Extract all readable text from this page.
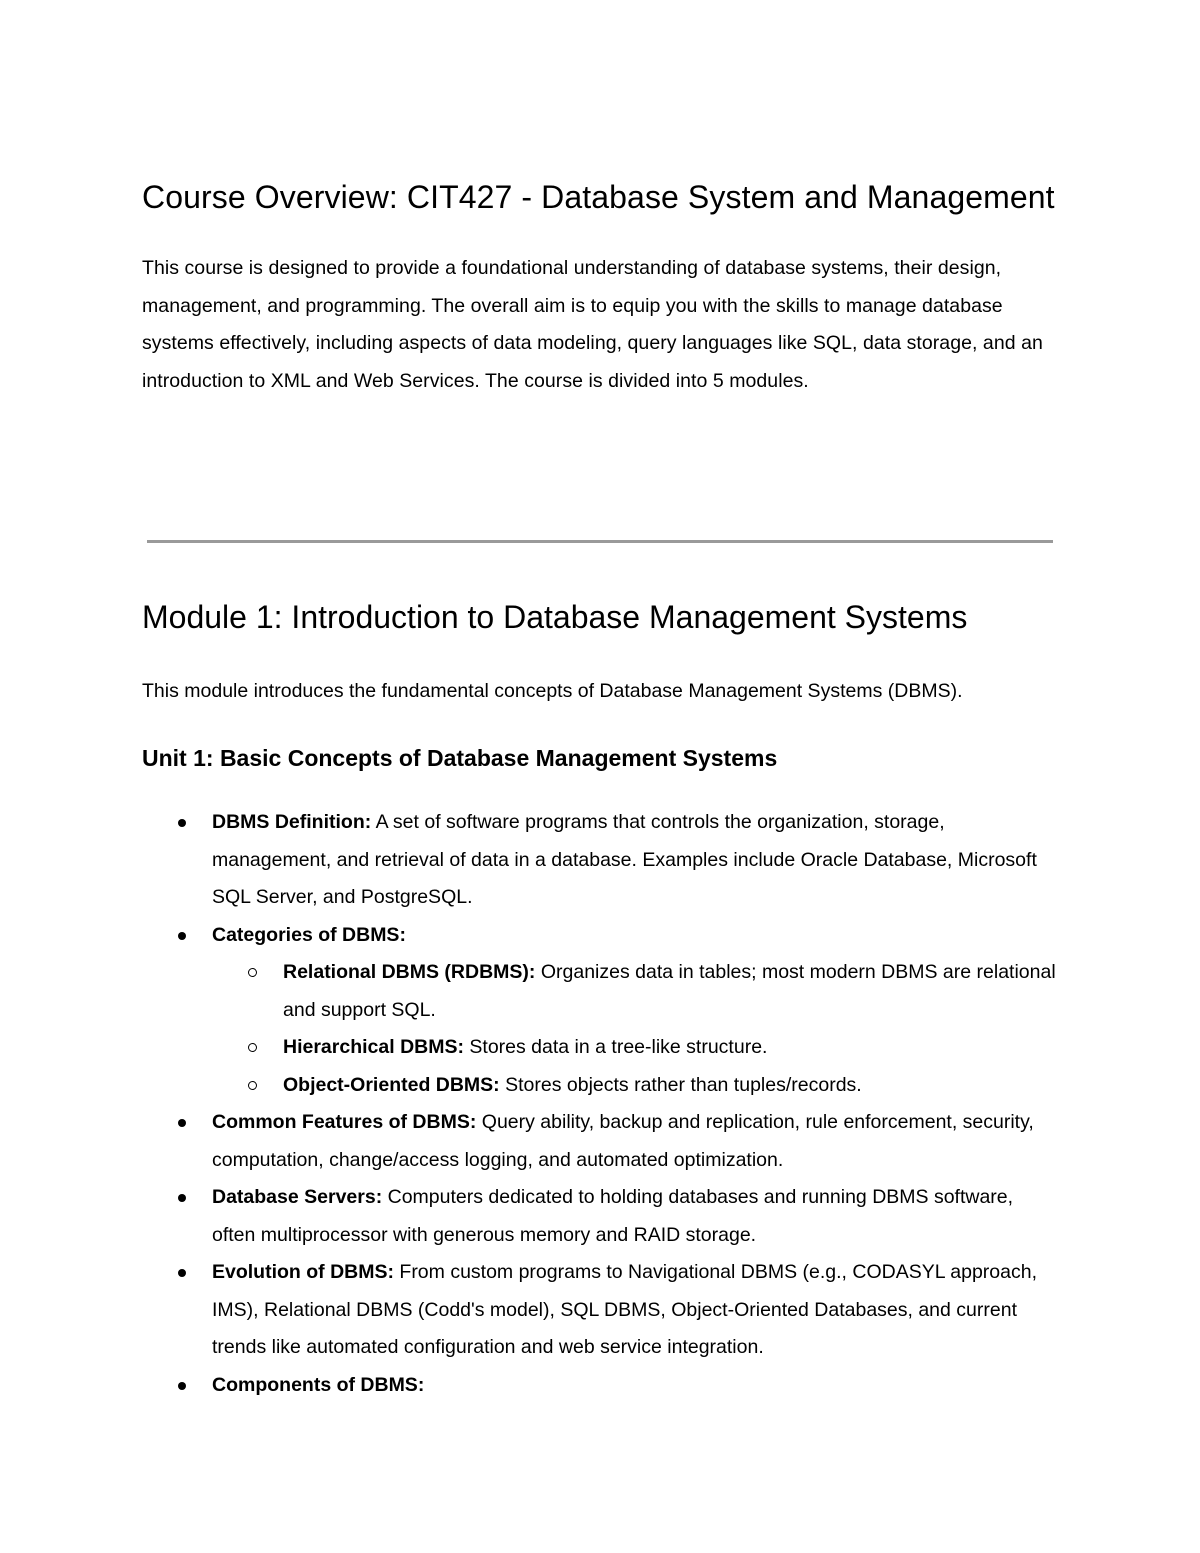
Course Overview: CIT427 - Database System and Management

This course is designed to provide a foundational understanding of database systems, their design, management, and programming. The overall aim is to equip you with the skills to manage database systems effectively, including aspects of data modeling, query languages like SQL, data storage, and an introduction to XML and Web Services. The course is divided into 5 modules.

Module 1: Introduction to Database Management Systems

This module introduces the fundamental concepts of Database Management Systems (DBMS).

Unit 1: Basic Concepts of Database Management Systems
DBMS Definition: A set of software programs that controls the organization, storage, management, and retrieval of data in a database. Examples include Oracle Database, Microsoft SQL Server, and PostgreSQL.
Categories of DBMS:
Relational DBMS (RDBMS): Organizes data in tables; most modern DBMS are relational and support SQL.
Hierarchical DBMS: Stores data in a tree-like structure.
Object-Oriented DBMS: Stores objects rather than tuples/records.
Common Features of DBMS: Query ability, backup and replication, rule enforcement, security, computation, change/access logging, and automated optimization.
Database Servers: Computers dedicated to holding databases and running DBMS software, often multiprocessor with generous memory and RAID storage.
Evolution of DBMS: From custom programs to Navigational DBMS (e.g., CODASYL approach, IMS), Relational DBMS (Codd's model), SQL DBMS, Object-Oriented Databases, and current trends like automated configuration and web service integration.
Components of DBMS:
